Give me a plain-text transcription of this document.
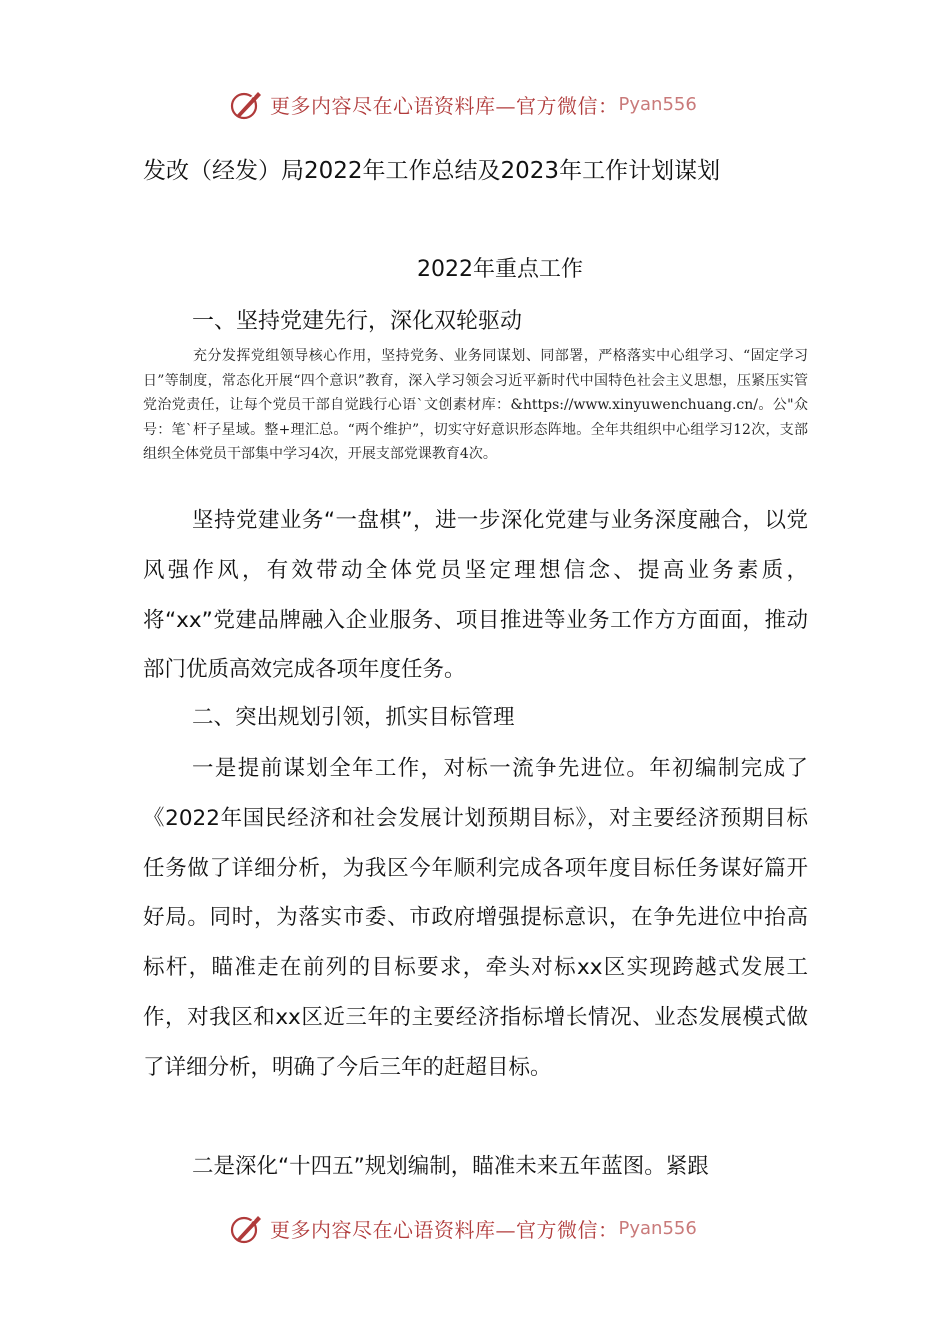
更多内容尽在心语资料库—官方微信： Pyan556
发改（经发）局2022年工作总结及2023年工作计划谋划
2022年重点工作
一、坚持党建先行，深化双轮驱动

充分发挥党组领导核心作用，坚持党务、业务同谋划、同部署，严格落实中心组学习、“固定学习日”等制度，常态化开展“四个意识”教育，深入学习领会习近平新时代中国特色社会主义思想，压紧压实管党治党责任，让每个党员干部自觉践行心语`文创素材库：&https://www.xinyuwenchuang.cn/。公"众号：笔`杆子星域。整+理汇总。“两个维护”，切实守好意识形态阵地。全年共组织中心组学习12次，支部组织全体党员干部集中学习4次，开展支部党课教育4次。

坚持党建业务“一盘棋”，进一步深化党建与业务深度融合，以党风强作风，有效带动全体党员坚定理想信念、提高业务素质，将“xx”党建品牌融入企业服务、项目推进等业务工作方方面面，推动部门优质高效完成各项年度任务。

二、突出规划引领，抓实目标管理

一是提前谋划全年工作，对标一流争先进位。年初编制完成了《2022年国民经济和社会发展计划预期目标》，对主要经济预期目标任务做了详细分析，为我区今年顺利完成各项年度目标任务谋好篇开好局。同时，为落实市委、市政府增强提标意识，在争先进位中抬高标杆，瞄准走在前列的目标要求，牵头对标xx区实现跨越式发展工作，对我区和xx区近三年的主要经济指标增长情况、业态发展模式做了详细分析，明确了今后三年的赶超目标。

二是深化“十四五”规划编制，瞄准未来五年蓝图。紧跟

更多内容尽在心语资料库—官方微信： Pyan556
